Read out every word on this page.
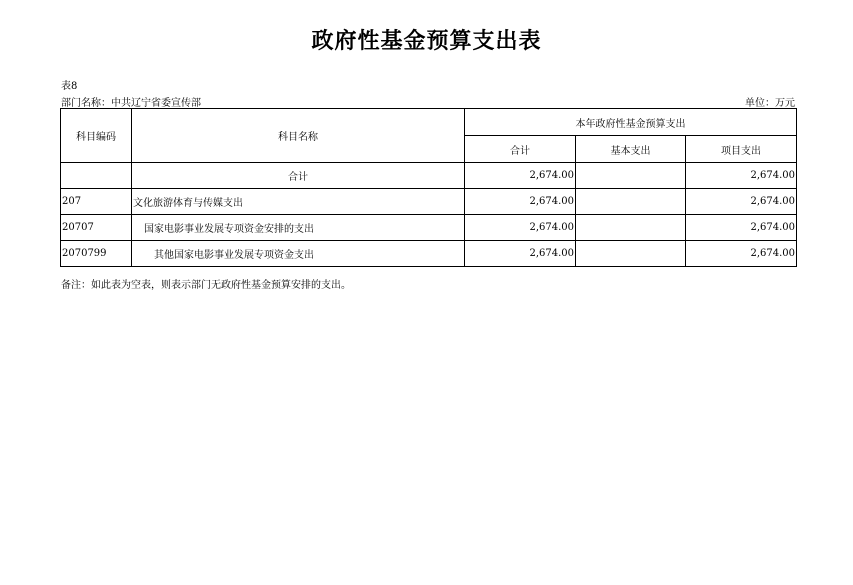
政府性基金预算支出表
表8
部门名称：中共辽宁省委宣传部	单位：万元
科目编码	科目名称	本年政府性基金预算支出		
		合计	基本支出	项目支出
	合计	2,674.00		2,674.00
207	文化旅游体育与传媒支出	2,674.00		2,674.00
20707	国家电影事业发展专项资金安排的支出	2,674.00		2,674.00
2070799	其他国家电影事业发展专项资金支出	2,674.00		2,674.00
备注：如此表为空表，则表示部门无政府性基金预算安排的支出。
